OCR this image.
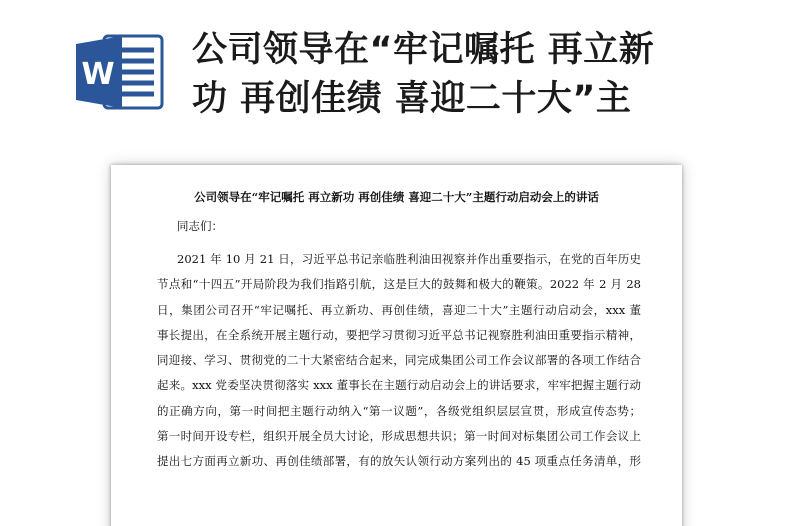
W
公司领导在“牢记嘱托 再立新
功 再创佳绩 喜迎二十大”主
公司领导在“牢记嘱托 再立新功 再创佳绩 喜迎二十大”主题行动启动会上的讲话
同志们：
2021 年 10 月 21 日，习近平总书记亲临胜利油田视察并作出重要指示，在党的百年历史
节点和“十四五”开局阶段为我们指路引航，这是巨大的鼓舞和极大的鞭策。2022 年 2 月 28
日，集团公司召开“牢记嘱托、再立新功、再创佳绩，喜迎二十大”主题行动启动会，xxx 董
事长提出，在全系统开展主题行动，要把学习贯彻习近平总书记视察胜利油田重要指示精神，
同迎接、学习、贯彻党的二十大紧密结合起来，同完成集团公司工作会议部署的各项工作结合
起来。xxx 党委坚决贯彻落实 xxx 董事长在主题行动启动会上的讲话要求，牢牢把握主题行动
的正确方向，第一时间把主题行动纳入“第一议题”，各级党组织层层宣贯，形成宣传态势；
第一时间开设专栏，组织开展全员大讨论，形成思想共识；第一时间对标集团公司工作会议上
提出七方面再立新功、再创佳绩部署，有的放矢认领行动方案列出的 45 项重点任务清单，形
